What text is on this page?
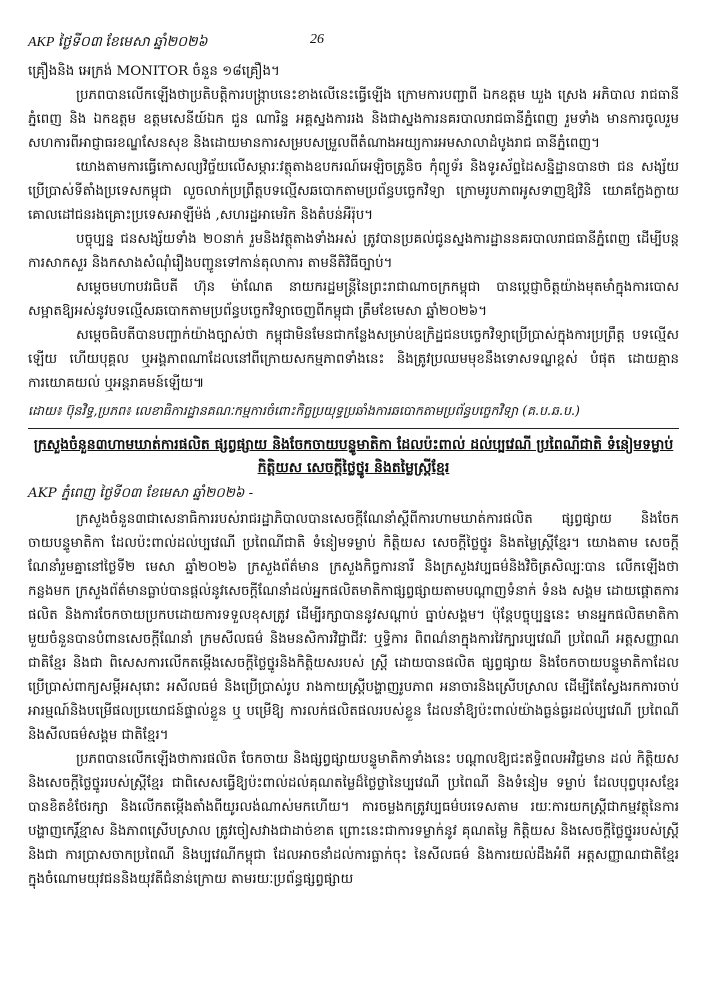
AKP ថ្ងៃទី០៣ ខែមេសា ឆ្នាំ២០២៦	26

គ្រឿងនិង អេក្រង់ MONITOR ចំនួន ១៨គ្រឿង។

ប្រភពបានលើកឡើងថាប្រតិបត្តិការបង្ក្រាបនេះខាងលើនេះធ្វើឡើង ក្រោមការបញ្ជាពី ឯកឧត្តម ឃួង ស្រេង អភិបាល រាជធានីភ្នំពេញ និង ឯកឧត្តម ឧត្តមសេនីយ៍ឯក ជួន ណារិន្ទ អគ្គស្នងការរង និងជាស្នងការនគរបាលរាជធានីភ្នំពេញ រួមទាំង មានការចូលរួមសហការពីអាជ្ញាធរខណ្ឌសែនសុខ និងដោយមានការសម្របសម្រួលពីតំណាងអយ្យការអមសាលាដំបូងរាជ ធានីភ្នំពេញ។

យោងតាមការធ្វើកោសល្យវិច្ច័យលើសម្ភារៈវត្ថុតាងឧបករណ៍អេឡិចត្រូនិច កុំព្យូទ័រ និងទូរស័ព្ទដៃសន្និដ្ឋានបានថា ជន សង្ស័យប្រើប្រាស់ទីតាំងប្រទេសកម្ពុជា លួចលាក់ប្រព្រឹត្តបទល្មើសឆបោកតាមប្រព័ន្ធបច្ចេកវិទ្យា ក្រោមរូបភាពអូសទាញឱ្យវិនិ យោគក្លែងក្លាយ គោលដៅជនរងគ្រោះប្រទេសអាឡឺម៉ង់ ,សហរដ្ឋអាមេរិក និងតំបន់អឺរ៉ុប។

បច្ចុប្បន្ន ជនសង្ស័យទាំង ២០នាក់ រួមនិងវត្ថុតាងទាំងអស់ ត្រូវបានប្រគល់ជូនស្នងការដ្ឋាននគរបាលរាជធានីភ្នំពេញ ដើម្បីបន្តការសាកសួរ និងកសាងសំណុំរឿងបញ្ជូនទៅកាន់តុលាការ តាមនីតិវិធីច្បាប់។

សម្តេចមហាបវរធិបតី ហ៊ុន ម៉ាណែត នាយករដ្ឋមន្ត្រីនៃព្រះរាជាណាចក្រកម្ពុជា បានប្តេជ្ញាចិត្តយ៉ាងមុតមាំក្នុងការបោស សម្អាតឱ្យអស់នូវបទល្មើសឆបោកតាមប្រព័ន្ធបច្ចេកវិទ្យាចេញពីកម្ពុជា ត្រឹមខែមេសា ឆ្នាំ២០២៦។

សម្តេចធិបតីបានបញ្ជាក់យ៉ាងច្បាស់ថា កម្ពុជាមិនមែនជាកន្លែងសម្រាប់ឧក្រិដ្ឋជនបច្ចេកវិទ្យាប្រើប្រាស់ក្នុងការប្រព្រឹត្ត បទល្មើសឡើយ ហើយបុគ្គល ឬអង្គភាពណាដែលនៅពីក្រោយសកម្មភាពទាំងនេះ និងត្រូវប្រឈមមុខនឹងទោសទណ្ឌខ្ពស់ បំផុត ដោយគ្មានការយោគយល់ ឬអន្តរាគមន៍ឡើយ៕

ដោយ៖ ប៊ុនវិទ្ធ,ប្រភព៖ លេខាធិការដ្ឋានគណៈកម្មការចំពោះកិច្ចប្រយុទ្ធប្រឆាំងការឆបោកតាមប្រព័ន្ធបច្ចេកវិទ្យា (គ.ប.ឆ.ប.)
ក្រសួងចំនួន៣ហាមឃាត់ការផលិត ផ្សព្វផ្សាយ និងចែកចាយបន្ទូមាតិកា ដែលប៉ះពាល់ ដល់ប្បវេណី ប្រពៃណីជាតិ ទំនៀមទម្លាប់ កិត្តិយស សេចក្តីថ្លៃថ្នូរ និងតម្លៃស្ត្រីខ្មែរ
AKP ភ្នំពេញ ថ្ងៃទី០៣ ខែមេសា ឆ្នាំ២០២៦ -

ក្រសួងចំនួន៣ជាសេនាធិការរបស់រាជរដ្ឋាភិបាលបានសេចក្តីណែនាំស្តីពីការហាមឃាត់ការផលិត ផ្សព្វផ្សាយ និងចែក ចាយបន្ទូមាតិកា ដែលប៉ះពាល់ដល់ប្បវេណី ប្រពៃណីជាតិ ទំនៀមទម្លាប់ កិត្តិយស សេចក្តីថ្លៃថ្នូរ និងតម្លៃស្ត្រីខ្មែរ។ យោងតាម សេចក្តីណែនាំរួមគ្នានៅថ្ងៃទី២ មេសា ឆ្នាំ២០២៦ ក្រសួងព័ត៌មាន ក្រសួងកិច្ចការនារី និងក្រសួងវប្បធម៌និងវិចិត្រសិល្បៈបាន លើកឡើងថា កន្លងមក ក្រសួងព័ត៌មានធ្លាប់បានផ្តល់នូវសេចក្តីណែនាំដល់អ្នកផលិតមាតិកាផ្សព្វផ្សាយតាមបណ្តាញទំនាក់ ទំនង សង្គម ដោយផ្តោតការផលិត និងការចែកចាយប្រកបដោយការទទួលខុសត្រូវ ដើម្បីរក្សាបាននូវសណ្តាប់ ធ្នាប់សង្គម។ ប៉ុន្តែបច្ចុប្បន្ននេះ មានអ្នកផលិតមាតិកាមួយចំនួនបានបំពានសេចក្តីណែនាំ ក្រមសីលធម៌ និងមនសិការវិជ្ជាជីវៈ ឬទ្ធិការ ពិពណ៌នាក្នុងការវៃក្បារប្បវេណី ប្រពៃណី អត្តសញ្ញាណជាតិខ្មែរ និងជា ពិសេសការលើកតម្កើងសេចក្តីថ្លៃថ្នូរនិងកិត្តិយសរបស់ ស្ត្រី ដោយបានផលិត ផ្សព្វផ្សាយ និងចែកចាយបន្ទូមាតិកាដែលប្រើប្រាស់ពាក្យសម្តីអសុរោះ អសីលធម៌ និងប្រើប្រាស់រូប រាងកាយស្ត្រីបង្ហាញរូបភាព អនាចារនិងស្រើបស្រាល ដើម្បីតែស្វែងរកការចាប់អារម្មណ៍និងបម្រើផលប្រយោជន៍ផ្ទាល់ខ្លួន ឬ បម្រើឱ្យ ការលក់ផលិតផលរបស់ខ្លួន ដែលនាំឱ្យប៉ះពាល់យ៉ាងធ្ងន់ធ្ងរដល់ប្បវេណី ប្រពៃណី និងសីលធម៌សង្គម ជាតិខ្មែរ។

ប្រភពបានលើកឡើងថាការផលិត ចែកចាយ និងផ្សព្វផ្សាយបន្ទូមាតិកាទាំងនេះ បណ្តាលឱ្យជះឥទ្ធិពលអវិជ្ជមាន ដល់ កិត្តិយស និងសេចក្តីថ្លៃថ្នូររបស់ស្ត្រីខ្មែរ ជាពិសេសធ្វើឱ្យប៉ះពាល់ដល់គុណតម្លៃដ៏ថ្លៃថ្លានៃប្បវេណី ប្រពៃណី និងទំនៀម ទម្លាប់ ដែលបុព្វបុរសខ្មែរបានខិតខំថែរក្សា និងលើកតម្កើងតាំងពីយូរលង់ណាស់មកហើយ។ ការចម្លងកត្រូវប្បធម៌បរទេសតាម រយៈការយកស្ត្រីជាកម្មវត្ថុនៃការបង្ហាញកេរ្តិ៍ខ្មាស និងភាពស្រើបស្រាល ត្រូវចៀសវាងជាដាច់ខាត ព្រោះនេះជាការទម្លាក់នូវ គុណតម្លៃ កិត្តិយស និងសេចក្តីថ្លៃថ្នូររបស់ស្ត្រី និងជា ការប្រាសចាកប្រពៃណី និងប្បវេណីកម្ពុជា ដែលអាចនាំដល់ការធ្លាក់ចុះ នៃសីលធម៌ និងការយល់ដឹងអំពី អត្តសញ្ញាណជាតិខ្មែរ ក្នុងចំណោមយុវជននិងយុវតីជំនាន់ក្រោយ តាមរយៈប្រព័ន្ធផ្សព្វផ្សាយ
